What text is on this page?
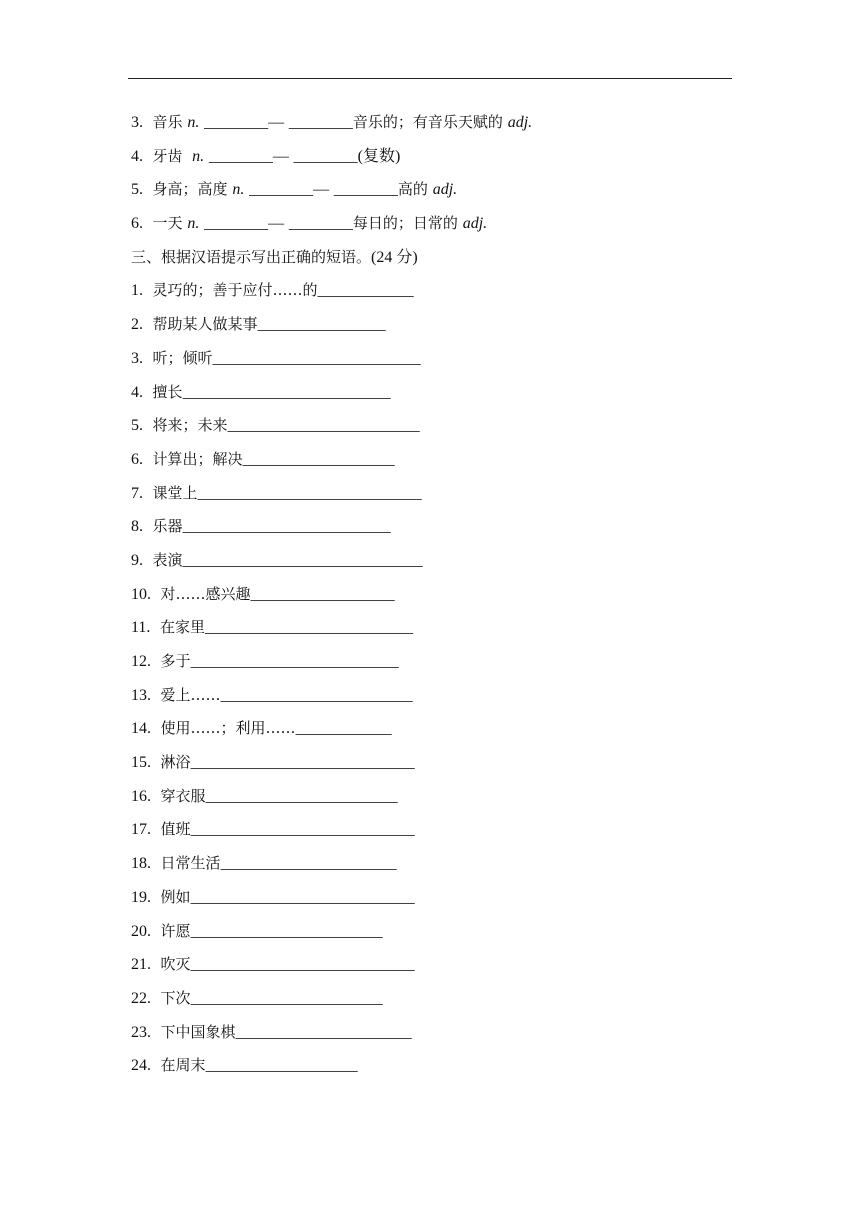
3. 音乐 n. ________— ________音乐的；有音乐天赋的 adj.
4. 牙齿 n. ________— ________(复数)
5. 身高；高度 n. ________— ________高的 adj.
6. 一天 n. ________— ________每日的；日常的 adj.
三、根据汉语提示写出正确的短语。(24 分)
1. 灵巧的；善于应付……的____________
2. 帮助某人做某事________________
3. 听；倾听__________________________
4. 擅长__________________________
5. 将来；未来________________________
6. 计算出；解决___________________
7. 课堂上____________________________
8. 乐器__________________________
9. 表演______________________________
10. 对……感兴趣__________________
11. 在家里__________________________
12. 多于__________________________
13. 爱上……________________________
14. 使用……；利用……____________
15. 淋浴____________________________
16. 穿衣服________________________
17. 值班____________________________
18. 日常生活______________________
19. 例如____________________________
20. 许愿________________________
21. 吹灭____________________________
22. 下次________________________
23. 下中国象棋______________________
24. 在周末___________________
